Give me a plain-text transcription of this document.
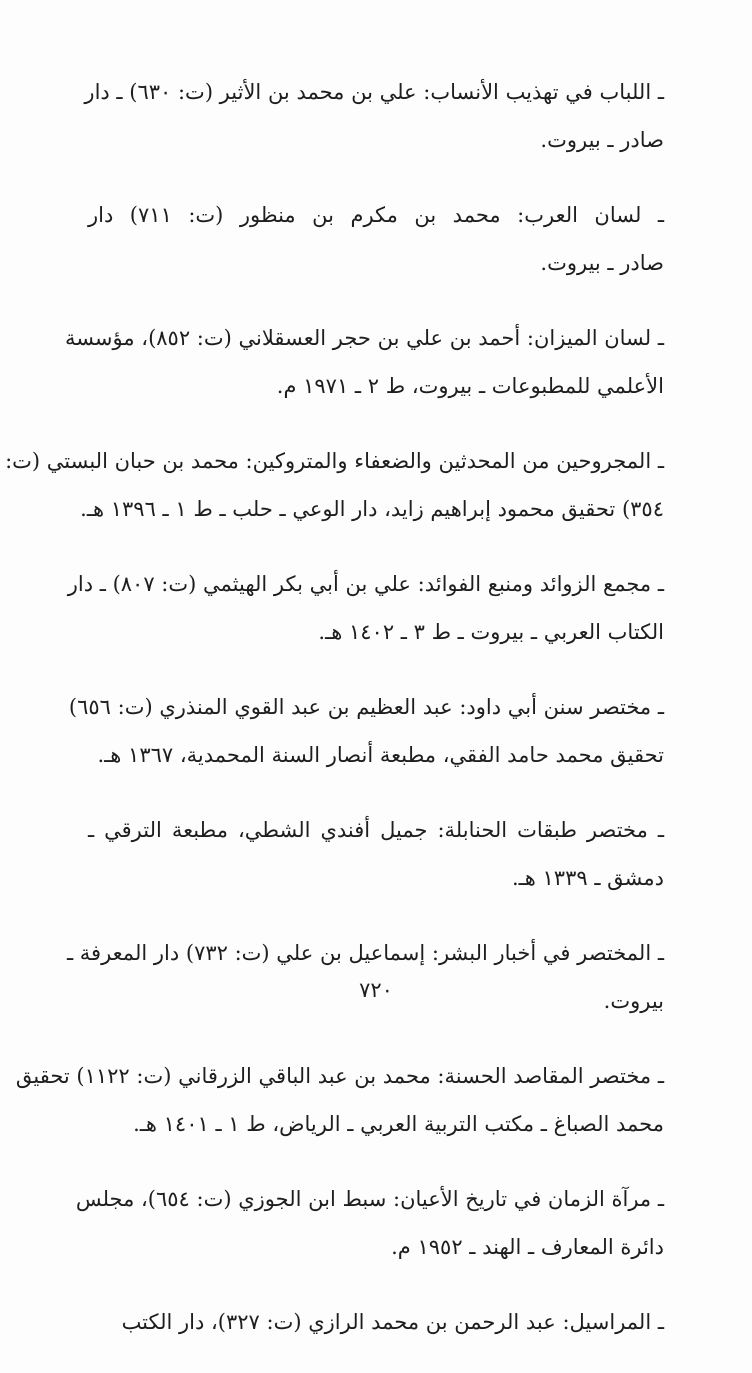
ـ اللباب في تهذيب الأنساب: علي بن محمد بن الأثير (ت: ٦٣٠) ـ دار
صادر ـ بيروت.
ـ لسان العرب: محمد بن مكرم بن منظور (ت: ٧١١) دار
صادر ـ بيروت.
ـ لسان الميزان: أحمد بن علي بن حجر العسقلاني (ت: ٨٥٢)، مؤسسة
الأعلمي للمطبوعات ـ بيروت، ط ٢ ـ ١٩٧١ م.
ـ المجروحين من المحدثين والضعفاء والمتروكين: محمد بن حبان البستي (ت:
٣٥٤) تحقيق محمود إبراهيم زايد، دار الوعي ـ حلب ـ ط ١ ـ ١٣٩٦ هـ.
ـ مجمع الزوائد ومنبع الفوائد: علي بن أبي بكر الهيثمي (ت: ٨٠٧) ـ دار
الكتاب العربي ـ بيروت ـ ط ٣ ـ ١٤٠٢ هـ.
ـ مختصر سنن أبي داود: عبد العظيم بن عبد القوي المنذري (ت: ٦٥٦)
تحقيق محمد حامد الفقي، مطبعة أنصار السنة المحمدية، ١٣٦٧ هـ.
ـ مختصر طبقات الحنابلة: جميل أفندي الشطي، مطبعة الترقي ـ
دمشق ـ ١٣٣٩ هـ.
ـ المختصر في أخبار البشر: إسماعيل بن علي (ت: ٧٣٢) دار المعرفة ـ
بيروت.
ـ مختصر المقاصد الحسنة: محمد بن عبد الباقي الزرقاني (ت: ١١٢٢) تحقيق
محمد الصباغ ـ مكتب التربية العربي ـ الرياض، ط ١ ـ ١٤٠١ هـ.
ـ مرآة الزمان في تاريخ الأعيان: سبط ابن الجوزي (ت: ٦٥٤)، مجلس
دائرة المعارف ـ الهند ـ ١٩٥٢ م.
ـ المراسيل: عبد الرحمن بن محمد الرازي (ت: ٣٢٧)، دار الكتب
٧٢٠
